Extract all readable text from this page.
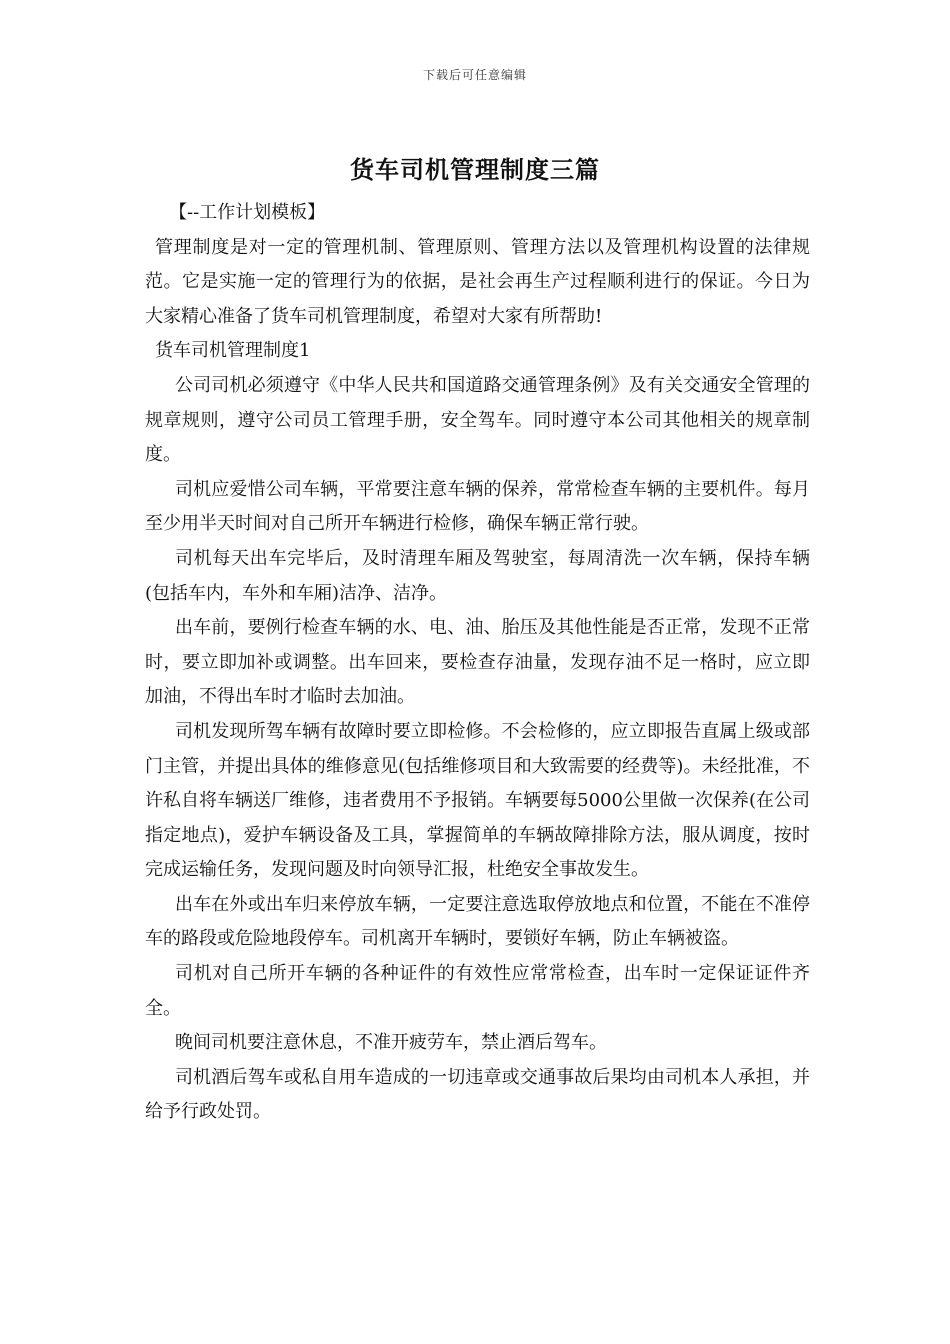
下载后可任意编辑
货车司机管理制度三篇

【--工作计划模板】

管理制度是对一定的管理机制、管理原则、管理方法以及管理机构设置的法律规范。它是实施一定的管理行为的依据，是社会再生产过程顺利进行的保证。今日为大家精心准备了货车司机管理制度，希望对大家有所帮助!

货车司机管理制度1

公司司机必须遵守《中华人民共和国道路交通管理条例》及有关交通安全管理的规章规则，遵守公司员工管理手册，安全驾车。同时遵守本公司其他相关的规章制度。

司机应爱惜公司车辆，平常要注意车辆的保养，常常检查车辆的主要机件。每月至少用半天时间对自己所开车辆进行检修，确保车辆正常行驶。

司机每天出车完毕后，及时清理车厢及驾驶室，每周清洗一次车辆，保持车辆(包括车内，车外和车厢)洁净、洁净。

出车前，要例行检查车辆的水、电、油、胎压及其他性能是否正常，发现不正常时，要立即加补或调整。出车回来，要检查存油量，发现存油不足一格时，应立即加油，不得出车时才临时去加油。

司机发现所驾车辆有故障时要立即检修。不会检修的，应立即报告直属上级或部门主管，并提出具体的维修意见(包括维修项目和大致需要的经费等)。未经批准，不许私自将车辆送厂维修，违者费用不予报销。车辆要每5000公里做一次保养(在公司指定地点)，爱护车辆设备及工具，掌握简单的车辆故障排除方法，服从调度，按时完成运输任务，发现问题及时向领导汇报，杜绝安全事故发生。

出车在外或出车归来停放车辆，一定要注意选取停放地点和位置，不能在不准停车的路段或危险地段停车。司机离开车辆时，要锁好车辆，防止车辆被盗。

司机对自己所开车辆的各种证件的有效性应常常检查，出车时一定保证证件齐全。

晚间司机要注意休息，不准开疲劳车，禁止酒后驾车。

司机酒后驾车或私自用车造成的一切违章或交通事故后果均由司机本人承担，并给予行政处罚。
